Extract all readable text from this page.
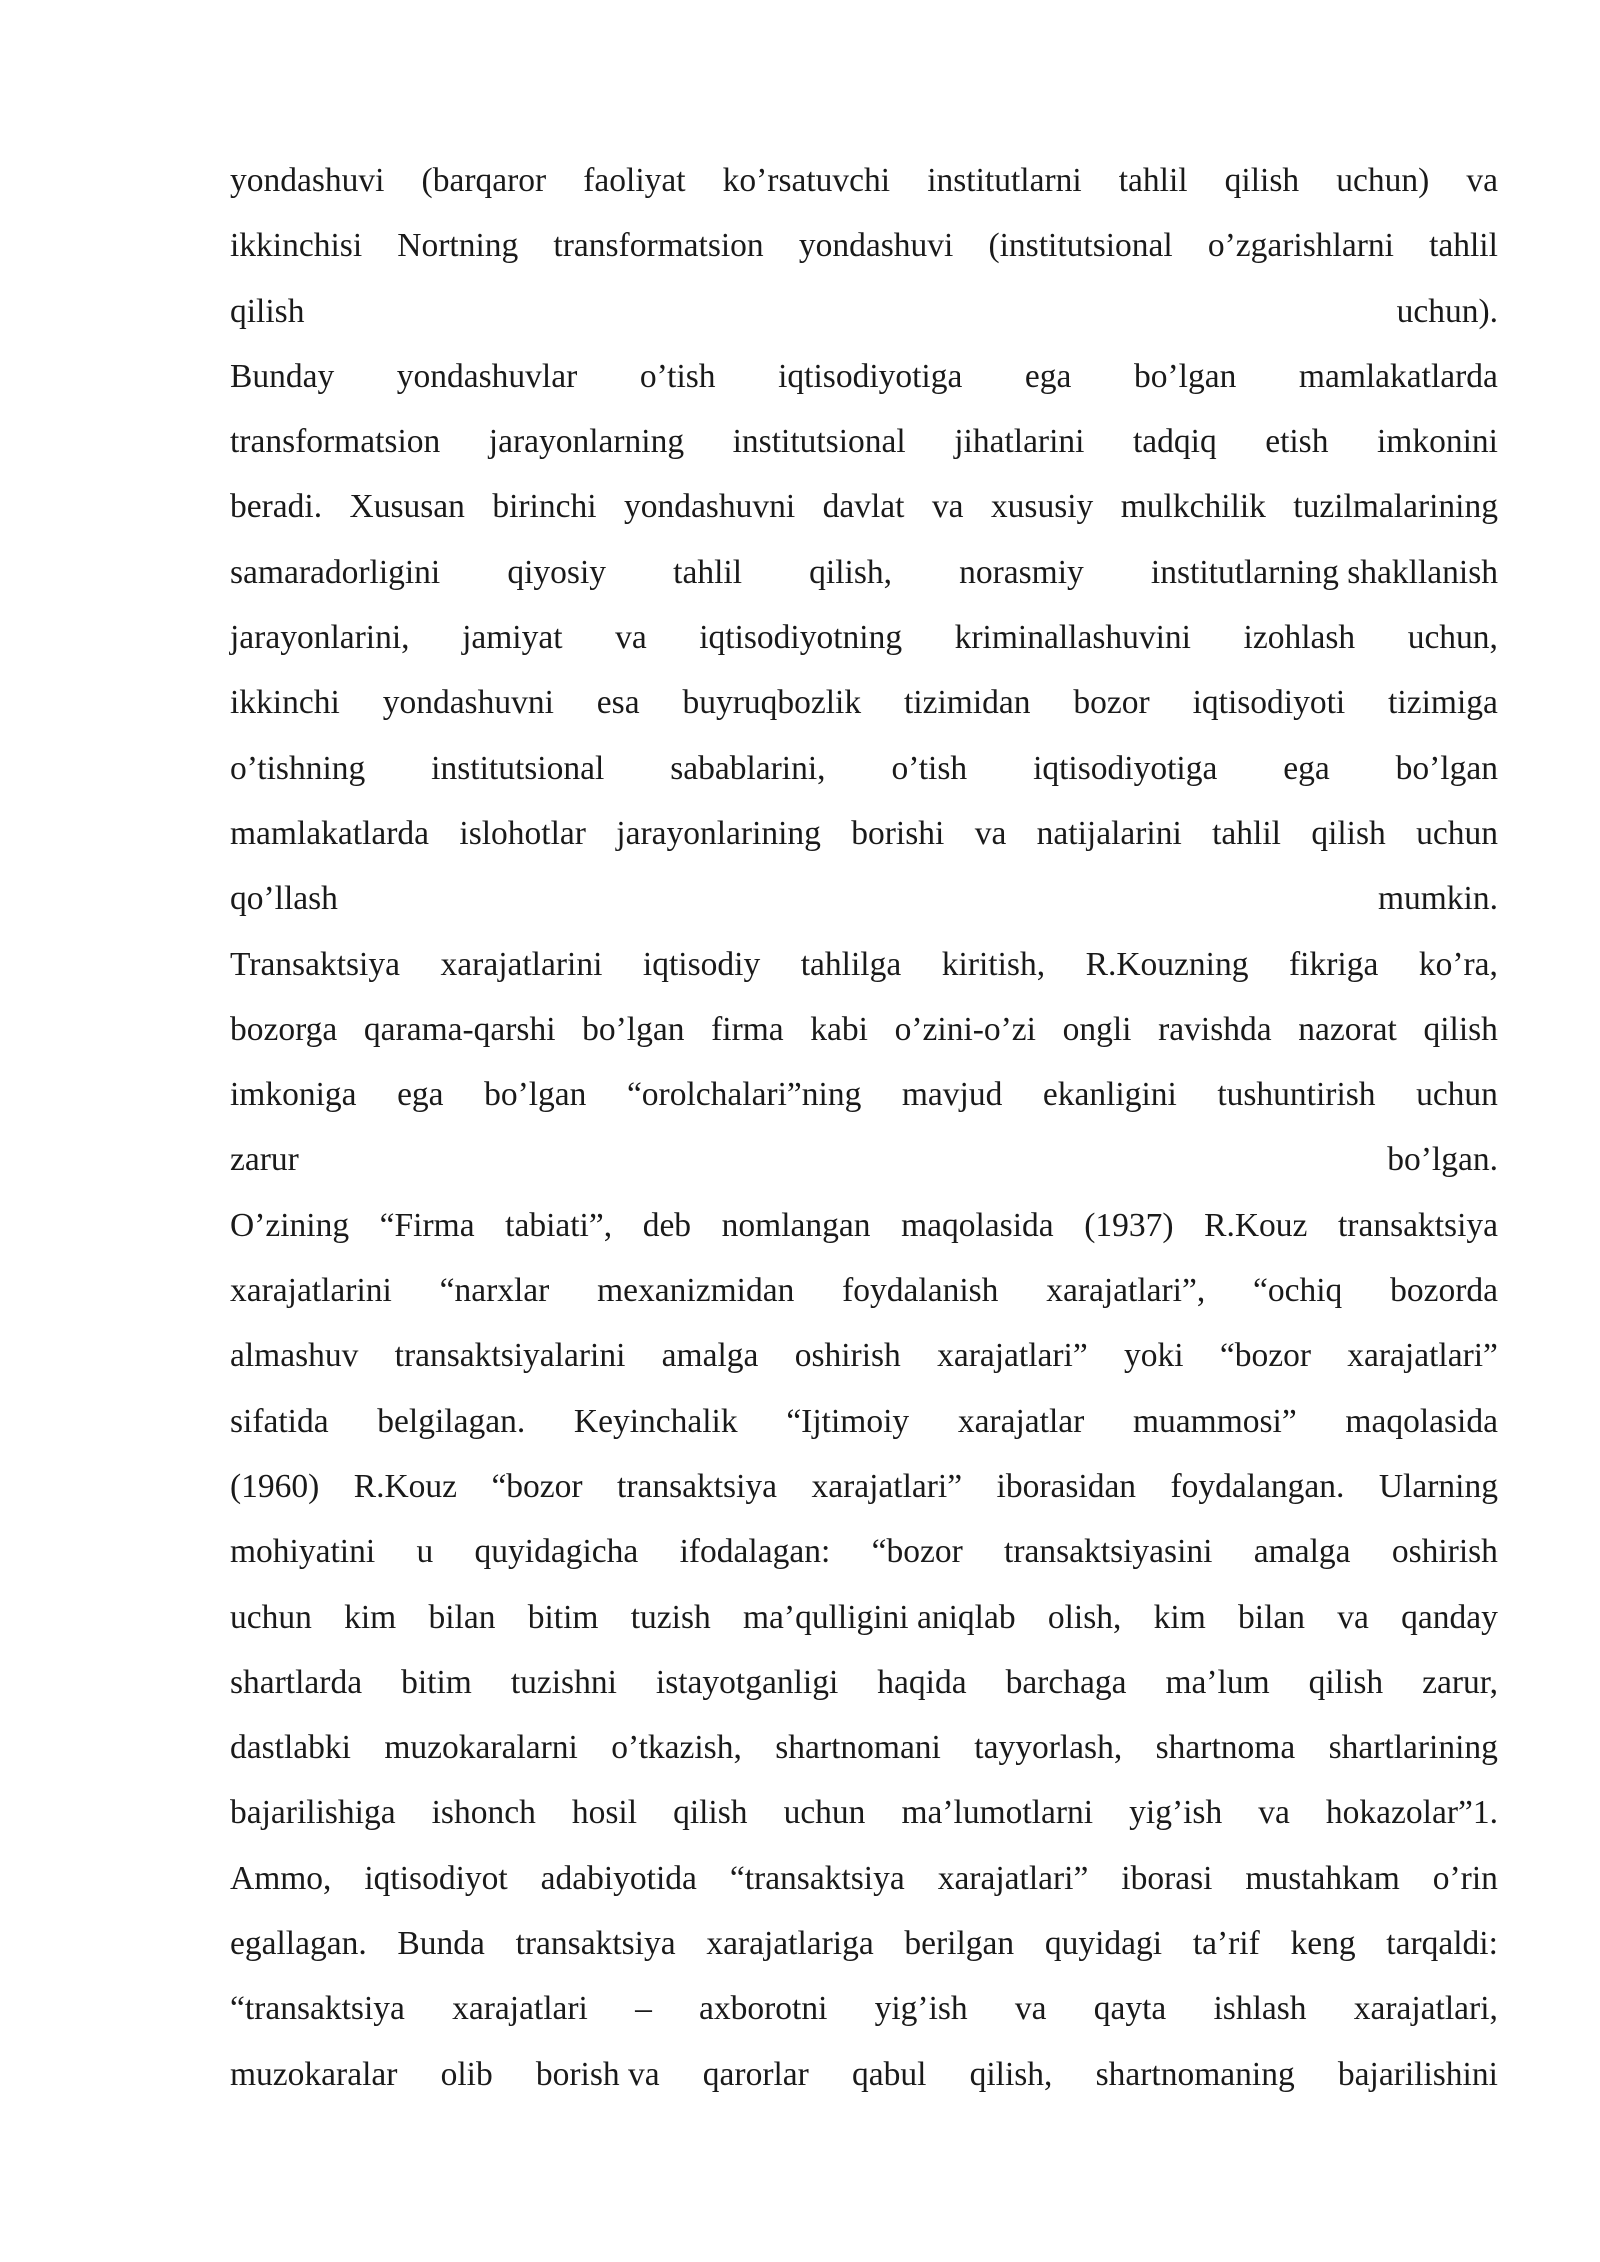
yondashuvi (barqaror faoliyat ko’rsatuvchi institutlarni tahlil qilish uchun) va
ikkinchisi Nortning transformatsion yondashuvi (institutsional o’zgarishlarni tahlil
qilish	uchun).
Bunday yondashuvlar o’tish iqtisodiyotiga ega bo’lgan mamlakatlarda
transformatsion jarayonlarning institutsional jihatlarini tadqiq etish imkonini
beradi. Xususan birinchi yondashuvni davlat va xususiy mulkchilik tuzilmalarining
samaradorligini qiyosiy tahlil qilish, norasmiy institutlarning shakllanish
jarayonlarini, jamiyat va iqtisodiyotning kriminallashuvini izohlash uchun,
ikkinchi yondashuvni esa buyruqbozlik tizimidan bozor iqtisodiyoti tizimiga
o’tishning institutsional sabablarini, o’tish iqtisodiyotiga ega bo’lgan
mamlakatlarda islohotlar jarayonlarining borishi va natijalarini tahlil qilish uchun
qo’llash	mumkin.
Transaktsiya xarajatlarini iqtisodiy tahlilga kiritish, R.Kouzning fikriga ko’ra,
bozorga qarama-qarshi bo’lgan firma kabi o’zini-o’zi ongli ravishda nazorat qilish
imkoniga ega bo’lgan “orolchalari”ning mavjud ekanligini tushuntirish uchun
zarur	bo’lgan.
O’zining “Firma tabiati”, deb nomlangan maqolasida (1937) R.Kouz transaktsiya
xarajatlarini “narxlar mexanizmidan foydalanish xarajatlari”, “ochiq bozorda
almashuv transaktsiyalarini amalga oshirish xarajatlari” yoki “bozor xarajatlari”
sifatida belgilagan. Keyinchalik “Ijtimoiy xarajatlar muammosi” maqolasida
(1960) R.Kouz “bozor transaktsiya xarajatlari” iborasidan foydalangan. Ularning
mohiyatini u quyidagicha ifodalagan: “bozor transaktsiyasini amalga oshirish
uchun kim bilan bitim tuzish ma’qulligini aniqlab olish, kim bilan va qanday
shartlarda bitim tuzishni istayotganligi haqida barchaga ma’lum qilish zarur,
dastlabki muzokaralarni o’tkazish, shartnomani tayyorlash, shartnoma shartlarining
bajarilishiga ishonch hosil qilish uchun ma’lumotlarni yig’ish va hokazolar”1.
Ammo, iqtisodiyot adabiyotida “transaktsiya xarajatlari” iborasi mustahkam o’rin
egallagan. Bunda transaktsiya xarajatlariga berilgan quyidagi ta’rif keng tarqaldi:
“transaktsiya xarajatlari – axborotni yig’ish va qayta ishlash xarajatlari,
muzokaralar olib borish va qarorlar qabul qilish, shartnomaning bajarilishini
